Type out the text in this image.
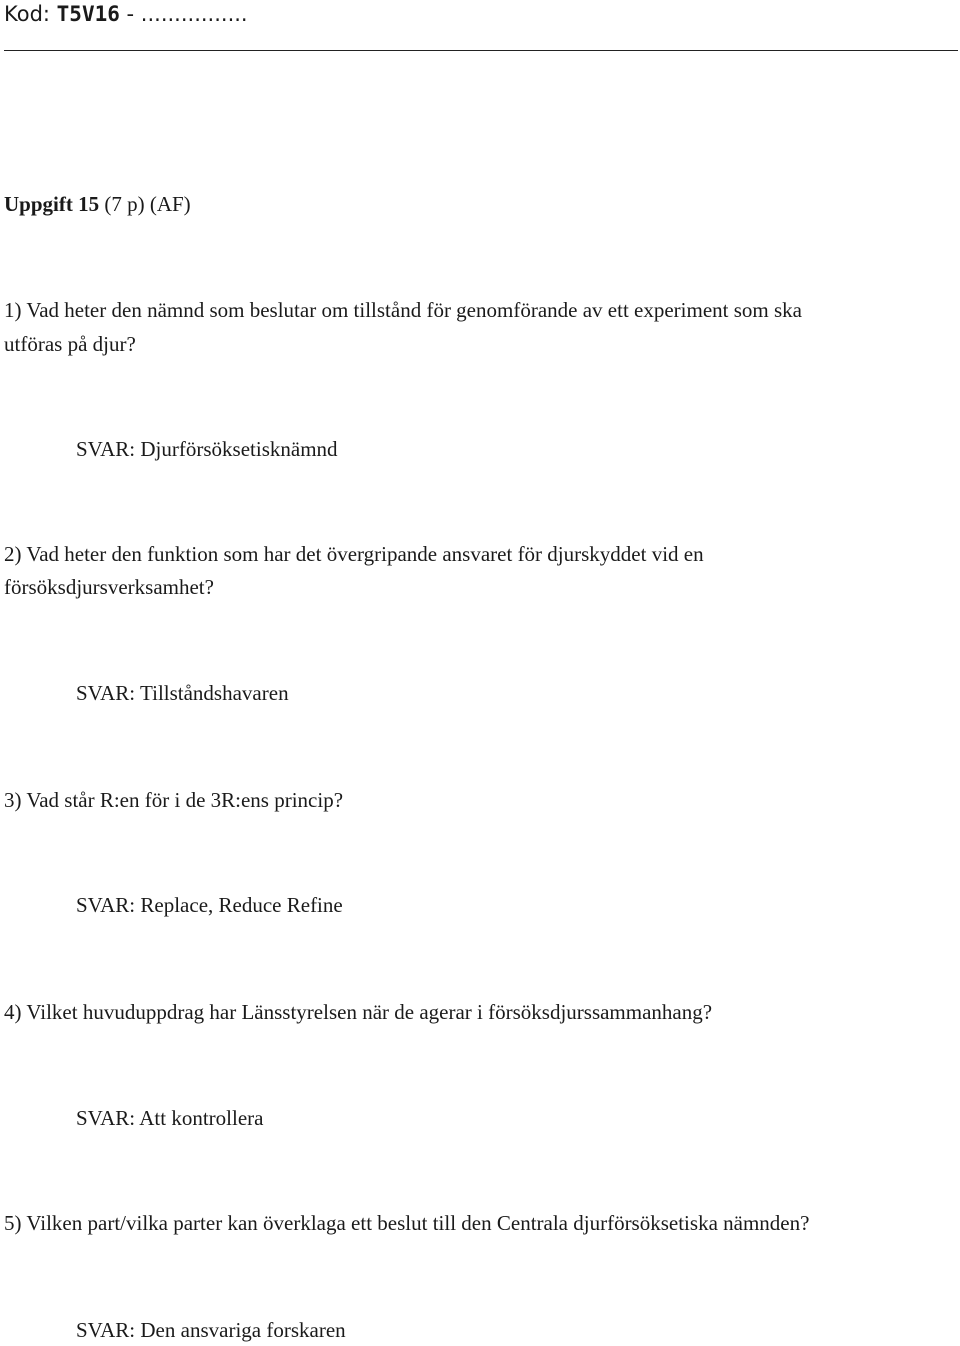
Kod: T5V16 - ................
Uppgift 15 (7 p) (AF)
1) Vad heter den nämnd som beslutar om tillstånd för genomförande av ett experiment som ska
utföras på djur?
SVAR: Djurförsöksetisknämnd
2) Vad heter den funktion som har det övergripande ansvaret för djurskyddet vid en
försöksdjursverksamhet?
SVAR: Tillståndshavaren
3) Vad står R:en för i de 3R:ens princip?
SVAR: Replace, Reduce Refine
4) Vilket huvuduppdrag har Länsstyrelsen när de agerar i försöksdjurssammanhang?
SVAR: Att kontrollera
5) Vilken part/vilka parter kan överklaga ett beslut till den Centrala djurförsöksetiska nämnden?
SVAR: Den ansvariga forskaren
